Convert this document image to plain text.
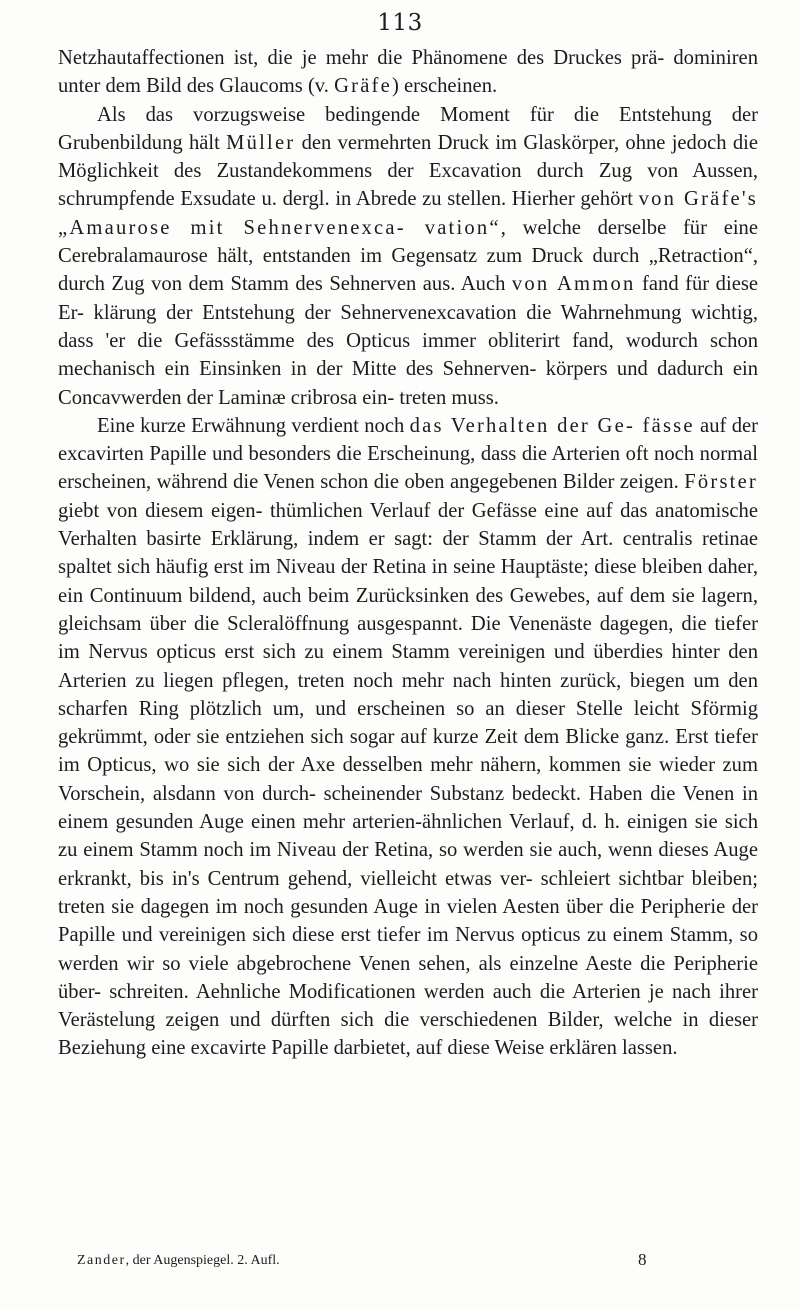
113

Netzhautaffectionen ist, die je mehr die Phänomene des Druckes prä- dominiren unter dem Bild des Glaucoms (v. Gräfe) erscheinen.

Als das vorzugsweise bedingende Moment für die Entstehung der Grubenbildung hält Müller den vermehrten Druck im Glaskörper, ohne jedoch die Möglichkeit des Zustandekommens der Excavation durch Zug von Aussen, schrumpfende Exsudate u. dergl. in Abrede zu stellen. Hierher gehört von Gräfe's „Amaurose mit Sehnervenexca- vation“, welche derselbe für eine Cerebralamaurose hält, entstanden im Gegensatz zum Druck durch „Retraction“, durch Zug von dem Stamm des Sehnerven aus. Auch von Ammon fand für diese Er- klärung der Entstehung der Sehnervenexcavation die Wahrnehmung wichtig, dass 'er die Gefässstämme des Opticus immer obliterirt fand, wodurch schon mechanisch ein Einsinken in der Mitte des Sehnerven- körpers und dadurch ein Concavwerden der Laminæ cribrosa ein- treten muss.

Eine kurze Erwähnung verdient noch das Verhalten der Ge- fässe auf der excavirten Papille und besonders die Erscheinung, dass die Arterien oft noch normal erscheinen, während die Venen schon die oben angegebenen Bilder zeigen. Förster giebt von diesem eigen- thümlichen Verlauf der Gefässe eine auf das anatomische Verhalten basirte Erklärung, indem er sagt: der Stamm der Art. centralis retinae spaltet sich häufig erst im Niveau der Retina in seine Hauptäste; diese bleiben daher, ein Continuum bildend, auch beim Zurücksinken des Gewebes, auf dem sie lagern, gleichsam über die Scleralöffnung ausgespannt. Die Venenäste dagegen, die tiefer im Nervus opticus erst sich zu einem Stamm vereinigen und überdies hinter den Arterien zu liegen pflegen, treten noch mehr nach hinten zurück, biegen um den scharfen Ring plötzlich um, und erscheinen so an dieser Stelle leicht Sförmig gekrümmt, oder sie entziehen sich sogar auf kurze Zeit dem Blicke ganz. Erst tiefer im Opticus, wo sie sich der Axe desselben mehr nähern, kommen sie wieder zum Vorschein, alsdann von durch- scheinender Substanz bedeckt. Haben die Venen in einem gesunden Auge einen mehr arterien-ähnlichen Verlauf, d. h. einigen sie sich zu einem Stamm noch im Niveau der Retina, so werden sie auch, wenn dieses Auge erkrankt, bis in's Centrum gehend, vielleicht etwas ver- schleiert sichtbar bleiben; treten sie dagegen im noch gesunden Auge in vielen Aesten über die Peripherie der Papille und vereinigen sich diese erst tiefer im Nervus opticus zu einem Stamm, so werden wir so viele abgebrochene Venen sehen, als einzelne Aeste die Peripherie über- schreiten. Aehnliche Modificationen werden auch die Arterien je nach ihrer Verästelung zeigen und dürften sich die verschiedenen Bilder, welche in dieser Beziehung eine excavirte Papille darbietet, auf diese Weise erklären lassen.

Zander, der Augenspiegel. 2. Aufl.	8
